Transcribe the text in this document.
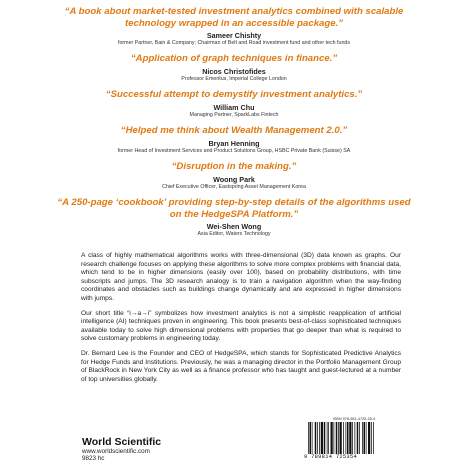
“A book about market-tested investment analytics combined with scalable technology wrapped in an accessible package.”
Sameer Chishty
former Partner, Bain & Company; Chairman of Belt and Road investment fund and other tech funds
“Application of graph techniques in finance.”
Nicos Christofides
Professor Emeritus, Imperial College London
“Successful attempt to demystify investment analytics.”
William Chu
Managing Partner, SparkLabs Fintech
“Helped me think about Wealth Management 2.0.”
Bryan Henning
former Head of Investment Services and Product Solutions Group, HSBC Private Bank (Suisse) SA
“Disruption in the making.”
Woong Park
Chief Executive Officer, Eastspring Asset Management Korea
“A 250-page ‘cookbook’ providing step-by-step details of the algorithms used on the HedgeSPA Platform.”
Wei-Shen Wong
Asia Editor, Waters Technology

A class of highly mathematical algorithms works with three-dimensional (3D) data known as graphs. Our research challenge focuses on applying these algorithms to solve more complex problems with financial data, which tend to be in higher dimensions (easily over 100), based on probability distributions, with time subscripts and jumps. The 3D research analogy is to train a navigation algorithm when the way-finding coordinates and obstacles such as buildings change dynamically and are expressed in higher dimensions with jumps.

Our short title “i→a→i” symbolizes how investment analytics is not a simplistic reapplication of artificial intelligence (AI) techniques proven in engineering. This book presents best-of-class sophisticated techniques available today to solve high dimensional problems with properties that go deeper than what is required to solve customary problems in engineering today.

Dr. Bernard Lee is the Founder and CEO of HedgeSPA, which stands for Sophisticated Predictive Analytics for Hedge Funds and Institutions. Previously, he was a managing director in the Portfolio Management Group of BlackRock in New York City as well as a finance professor who has taught and guest-lectured at a number of top universities globally.

World Scientific
www.worldscientific.com
9823 hc
ISBN 978-981-4725-35-4
9 789814 725354
